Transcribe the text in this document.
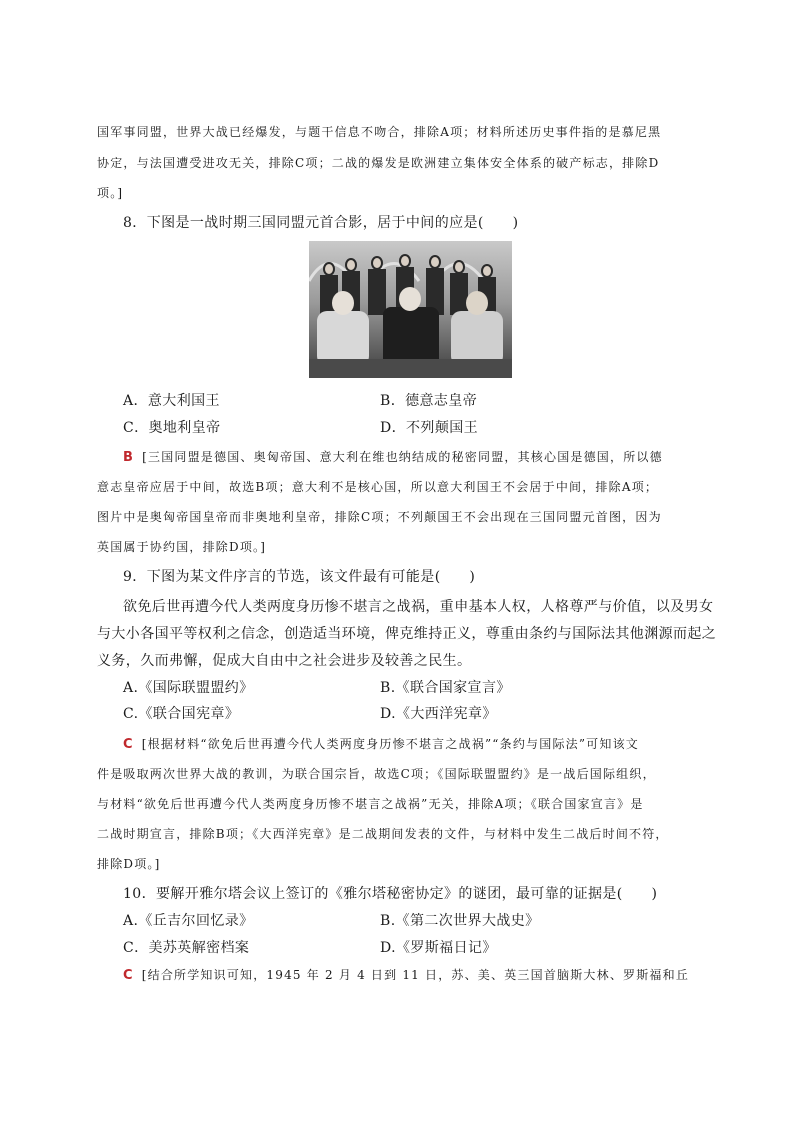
国军事同盟，世界大战已经爆发，与题干信息不吻合，排除A项；材料所述历史事件指的是慕尼黑
协定，与法国遭受进攻无关，排除C项；二战的爆发是欧洲建立集体安全体系的破产标志，排除D
项。]
8．下图是一战时期三国同盟元首合影，居于中间的应是(　　)
A．意大利国王	B．德意志皇帝
C．奥地利皇帝	D．不列颠国王
B [三国同盟是德国、奥匈帝国、意大利在维也纳结成的秘密同盟，其核心国是德国，所以德
意志皇帝应居于中间，故选B项；意大利不是核心国，所以意大利国王不会居于中间，排除A项；
图片中是奥匈帝国皇帝而非奥地利皇帝，排除C项；不列颠国王不会出现在三国同盟元首图，因为
英国属于协约国，排除D项。]
9．下图为某文件序言的节选，该文件最有可能是(　　)
欲免后世再遭今代人类两度身历惨不堪言之战祸，重申基本人权，人格尊严与价值，以及男女
与大小各国平等权利之信念，创造适当环境，俾克维持正义，尊重由条约与国际法其他渊源而起之
义务，久而弗懈，促成大自由中之社会进步及较善之民生。
A.《国际联盟盟约》	B.《联合国家宣言》
C.《联合国宪章》	D.《大西洋宪章》
C [根据材料“欲免后世再遭今代人类两度身历惨不堪言之战祸”“条约与国际法”可知该文
件是吸取两次世界大战的教训，为联合国宗旨，故选C项；《国际联盟盟约》是一战后国际组织，
与材料“欲免后世再遭今代人类两度身历惨不堪言之战祸”无关，排除A项；《联合国家宣言》是
二战时期宣言，排除B项；《大西洋宪章》是二战期间发表的文件，与材料中发生二战后时间不符，
排除D项。]
10．要解开雅尔塔会议上签订的《雅尔塔秘密协定》的谜团，最可靠的证据是(　　)
A.《丘吉尔回忆录》	B.《第二次世界大战史》
C．美苏英解密档案	D.《罗斯福日记》
C [结合所学知识可知，1945 年 2 月 4 日到 11 日，苏、美、英三国首脑斯大林、罗斯福和丘
